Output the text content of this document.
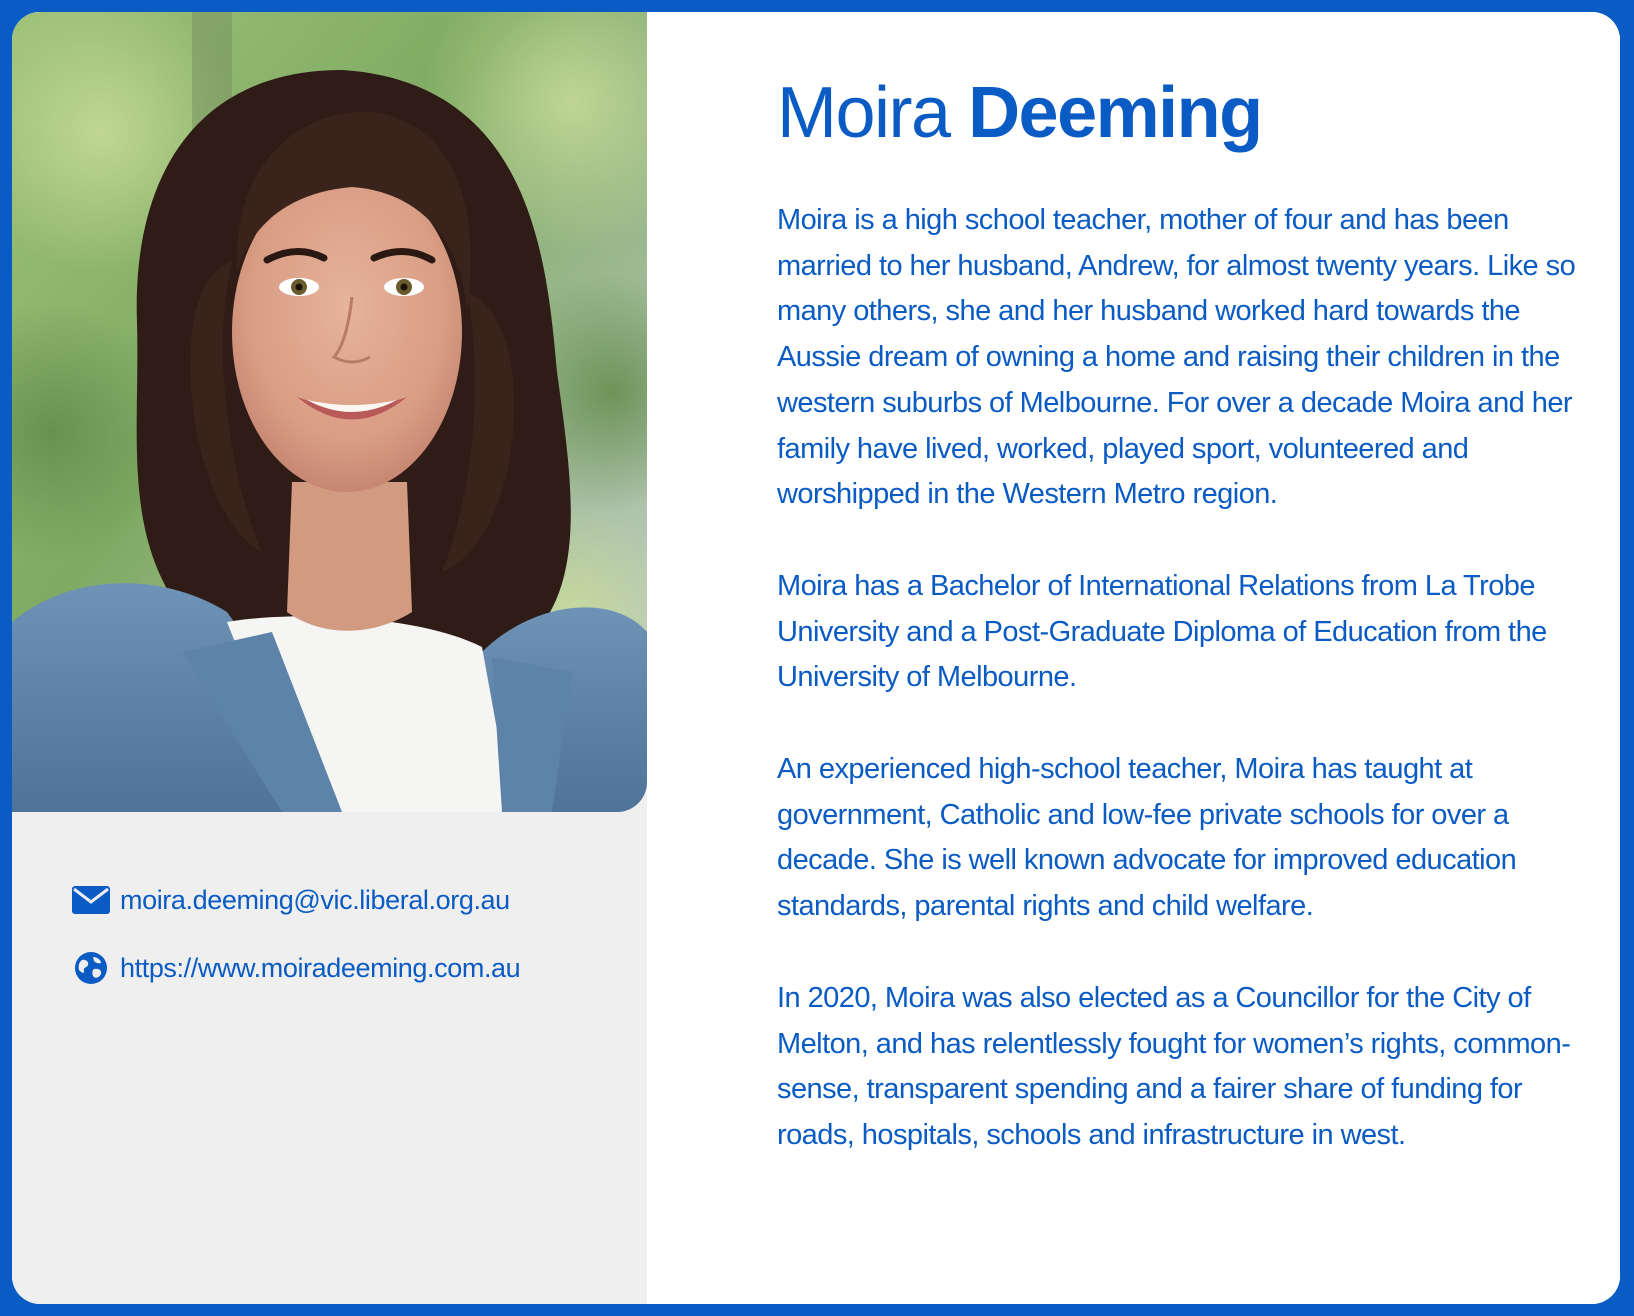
moira.deeming@vic.liberal.org.au
https://www.moiradeeming.com.au
Moira Deeming

Moira is a high school teacher, mother of four and has been married to her husband, Andrew, for almost twenty years. Like so many others, she and her husband worked hard towards the Aussie dream of owning a home and raising their children in the western suburbs of Melbourne. For over a decade Moira and her family have lived, worked, played sport, volunteered and worshipped in the Western Metro region.

Moira has a Bachelor of International Relations from La Trobe University and a Post-Graduate Diploma of Education from the University of Melbourne.

An experienced high-school teacher, Moira has taught at government, Catholic and low-fee private schools for over a decade. She is well known advocate for improved education standards, parental rights and child welfare.

In 2020, Moira was also elected as a Councillor for the City of Melton, and has relentlessly fought for women’s rights, common-sense, transparent spending and a fairer share of funding for roads, hospitals, schools and infrastructure in west.
